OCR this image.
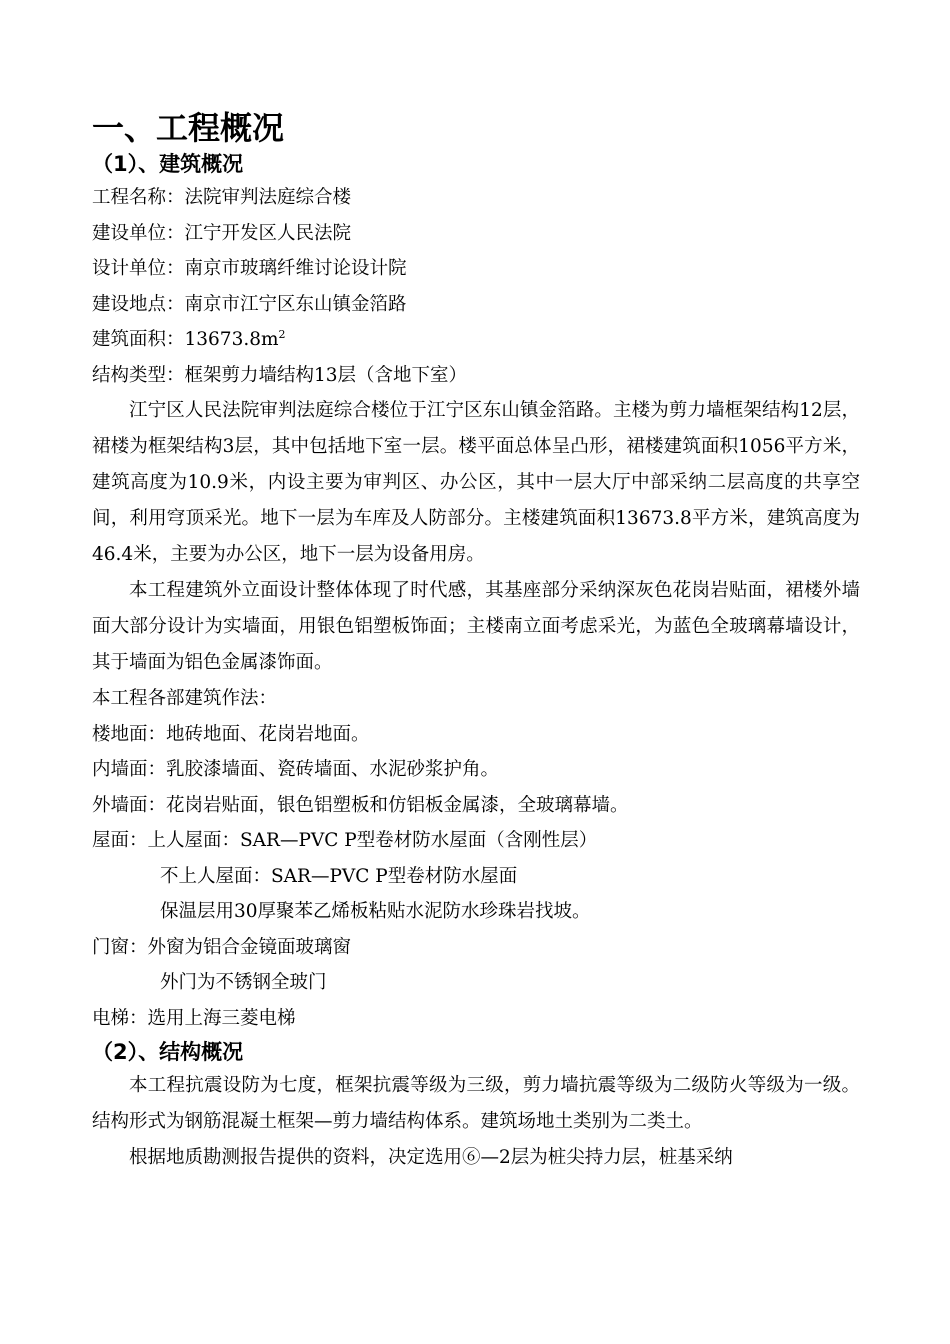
一、工程概况
（1）、建筑概况

工程名称：法院审判法庭综合楼

建设单位：江宁开发区人民法院

设计单位：南京市玻璃纤维讨论设计院

建设地点：南京市江宁区东山镇金箔路

建筑面积：$13673.8m^2$

结构类型：框架剪力墙结构13层（含地下室）

江宁区人民法院审判法庭综合楼位于江宁区东山镇金箔路。主楼为剪力墙框架结构12层，裙楼为框架结构3层，其中包括地下室一层。楼平面总体呈凸形，裙楼建筑面积1056平方米，建筑高度为10.9米，内设主要为审判区、办公区，其中一层大厅中部采纳二层高度的共享空间，利用穹顶采光。地下一层为车库及人防部分。主楼建筑面积13673.8平方米，建筑高度为46.4米，主要为办公区，地下一层为设备用房。

本工程建筑外立面设计整体体现了时代感，其基座部分采纳深灰色花岗岩贴面，裙楼外墙面大部分设计为实墙面，用银色铝塑板饰面；主楼南立面考虑采光，为蓝色全玻璃幕墙设计，其于墙面为铝色金属漆饰面。

本工程各部建筑作法：

楼地面：地砖地面、花岗岩地面。

内墙面：乳胶漆墙面、瓷砖墙面、水泥砂浆护角。

外墙面：花岗岩贴面，银色铝塑板和仿铝板金属漆，全玻璃幕墙。

屋面：上人屋面：SAR—PVC P型卷材防水屋面（含刚性层）

不上人屋面：SAR—PVC P型卷材防水屋面

保温层用30厚聚苯乙烯板粘贴水泥防水珍珠岩找坡。

门窗：外窗为铝合金镜面玻璃窗

外门为不锈钢全玻门

电梯：选用上海三菱电梯

（2）、结构概况

本工程抗震设防为七度，框架抗震等级为三级，剪力墙抗震等级为二级防火等级为一级。结构形式为钢筋混凝土框架—剪力墙结构体系。建筑场地土类别为二类土。

根据地质勘测报告提供的资料，决定选用⑥—2层为桩尖持力层，桩基采纳
